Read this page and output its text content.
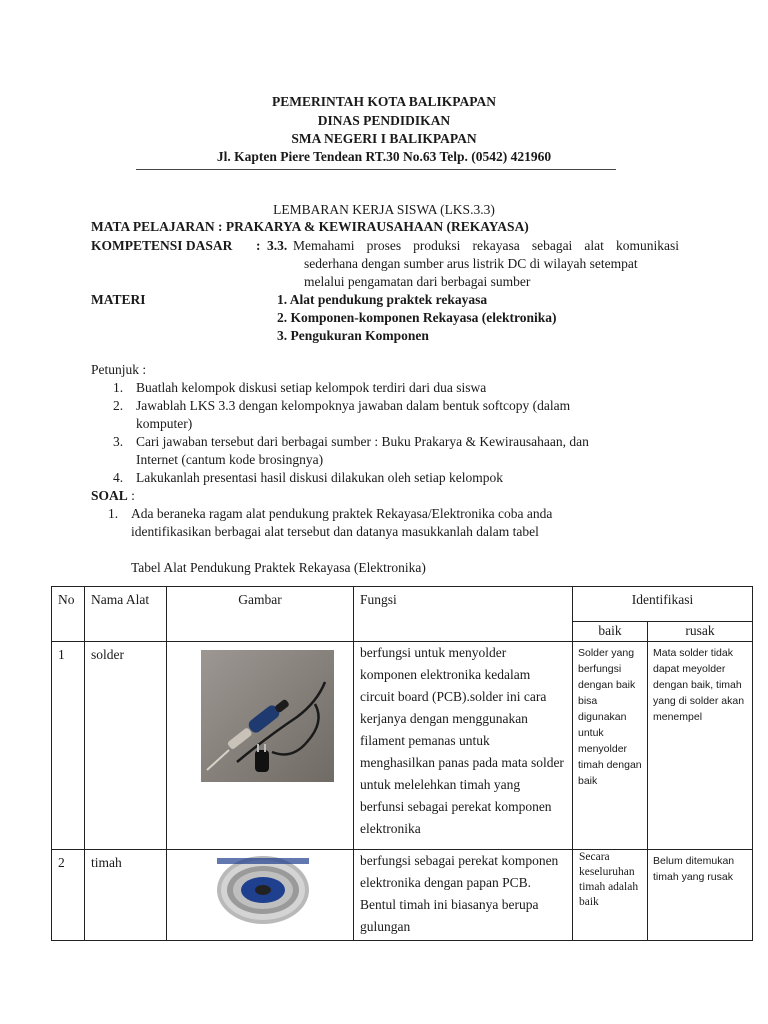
PEMERINTAH KOTA BALIKPAPAN
DINAS PENDIDIKAN
SMA NEGERI I BALIKPAPAN
Jl. Kapten Piere Tendean RT.30 No.63 Telp. (0542) 421960
LEMBARAN KERJA SISWA (LKS.3.3)
MATA PELAJARAN : PRAKARYA & KEWIRAUSAHAAN (REKAYASA)
KOMPETENSI DASAR : 3.3. Memahami proses produksi rekayasa sebagai alat komunikasi
sederhana dengan sumber arus listrik DC di wilayah setempat
melalui pengamatan dari berbagai sumber
MATERI	1. Alat pendukung praktek rekayasa
2. Komponen-komponen Rekayasa (elektronika)
3. Pengukuran Komponen
Petunjuk :
1. Buatlah kelompok diskusi setiap kelompok terdiri dari dua siswa
2. Jawablah LKS 3.3 dengan kelompoknya jawaban dalam bentuk softcopy (dalam
komputer)
3. Cari jawaban tersebut dari berbagai sumber : Buku Prakarya & Kewirausahaan, dan
Internet (cantum kode brosingnya)
4. Lakukanlah presentasi hasil diskusi dilakukan oleh setiap kelompok
SOAL :
1. Ada beraneka ragam alat pendukung praktek Rekayasa/Elektronika coba anda
identifikasikan berbagai alat tersebut dan datanya masukkanlah dalam tabel
Tabel Alat Pendukung Praktek Rekayasa (Elektronika)
No	Nama Alat	Gambar	Fungsi	Identifikasi	

				baik	rusak

1	solder		berfungsi untuk menyolder komponen elektronika kedalam circuit board (PCB).solder ini cara kerjanya dengan menggunakan filament pemanas untuk menghasilkan panas pada mata solder untuk melelehkan timah yang berfunsi sebagai perekat komponen elektronika	Solder yang berfungsi dengan baik bisa digunakan untuk menyolder timah dengan baik	Mata solder tidak dapat meyolder dengan baik, timah yang di solder akan menempel

2	timah		berfungsi sebagai perekat komponen elektronika dengan papan PCB. Bentul timah ini biasanya berupa gulungan	Secara keseluruhan timah adalah baik	Belum ditemukan timah yang rusak
